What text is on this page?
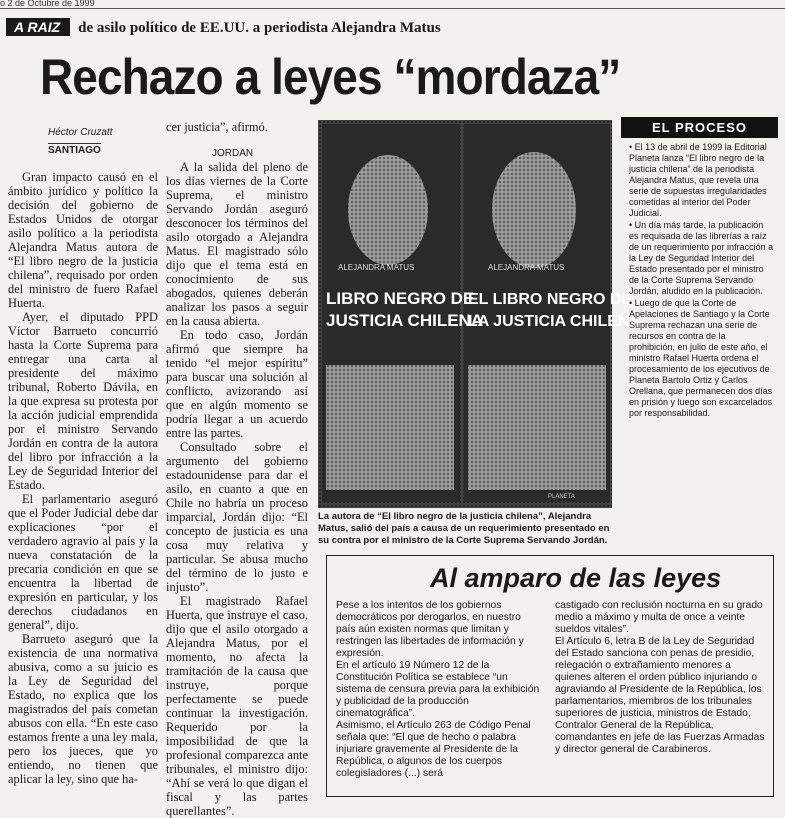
o 2 de Octubre de 1999
A RAIZ de asilo político de EE.UU. a periodista Alejandra Matus
Rechazo a leyes “mordaza”
Héctor Cruzatt
SANTIAGO

Gran impacto causó en el ámbito jurídico y político la decisión del gobierno de Estados Unidos de otorgar asilo político a la periodista Alejandra Matus autora de “El libro negro de la justicia chilena”, requisado por orden del ministro de fuero Rafael Huerta.

Ayer, el diputado PPD Víctor Barrueto concurrió hasta la Corte Suprema para entregar una carta al presidente del máximo tribunal, Roberto Dávila, en la que expresa su protesta por la acción judicial emprendida por el ministro Servando Jordán en contra de la autora del libro por infracción a la Ley de Seguridad Interior del Estado.

El parlamentario aseguró que el Poder Judicial debe dar explicaciones “por el verdadero agravio al país y la nueva constatación de la precaria condición en que se encuentra la libertad de expresión en particular, y los derechos ciudadanos en general”, dijo.

Barrueto aseguró que la existencia de una normativa abusiva, como a su juicio es la Ley de Seguridad del Estado, no explica que los magistrados del país cometan abusos con ella. “En este caso estamos frente a una ley mala, pero los jueces, que yo entiendo, no tienen que aplicar la ley, sino que ha-

cer justicia”, afirmó.

A la salida del pleno de los días viernes de la Corte Suprema, el ministro Servando Jordán aseguró desconocer los términos del asilo otorgado a Alejandra Matus. El magistrado sólo dijo que el tema está en conocimiento de sus abogados, quienes deberán analizar los pasos a seguir en la causa abierta.

En todo caso, Jordán afirmó que siempre ha tenido “el mejor espíritu” para buscar una solución al conflicto, avizorando así que en algún momento se podría llegar a un acuerdo entre las partes.

Consultado sobre el argumento del gobierno estadounidense para dar el asilo, en cuanto a que en Chile no habría un proceso imparcial, Jordán dijo: “El concepto de justicia es una cosa muy relativa y particular. Se abusa mucho del término de lo justo e injusto”.

El magistrado Rafael Huerta, que instruye el caso, dijo que el asilo otorgado a Alejandra Matus, por el momento, no afecta la tramitación de la causa que instruye, porque perfectamente se puede continuar la investigación. Requerido por la imposibilidad de que la profesional comparezca ante tribunales, el ministro dijo: “Ahí se verá lo que digan el fiscal y las partes querellantes”.

JORDAN
ALEJANDRA MATUS	ALEJANDRA MATUS
LIBRO NEGRO DE
JUSTICIA CHILENA
EL LIBRO NEGRO DE
LA JUSTICIA CHILENA
PLANETA
La autora de “El libro negro de la justicia chilena”, Alejandra Matus, salió del país a causa de un requerimiento presentado en su contra por el ministro de la Corte Suprema Servando Jordán.
EL PROCESO

• El 13 de abril de 1999 la Editorial Planeta lanza “El libro negro de la justicia chilena” de la periodista Alejandra Matus, que revela una serie de supuestas irregularidades cometidas al interior del Poder Judicial.

• Un día más tarde, la publicación es requisada de las librerías a raíz de un requerimiento por infracción a la Ley de Seguridad Interior del Estado presentado por el ministro de la Corte Suprema Servando Jordán, aludido en la publicación.

• Luego de que la Corte de Apelaciones de Santiago y la Corte Suprema rechazan una serie de recursos en contra de la prohibición, en julio de este año, el ministro Rafael Huerta ordena el procesamiento de los ejecutivos de Planeta Bartolo Ortiz y Carlos Orellana, que permanecen dos días en prisión y luego son excarcelados por responsabilidad.

Al amparo de las leyes

Pese a los intentos de los gobiernos democráticos por derogarlos, en nuestro país aún existen normas que limitan y restringen las libertades de información y expresión.

En el artículo 19 Número 12 de la Constitución Política se establece “un sistema de censura previa para la exhibición y publicidad de la producción cinematográfica”.

Asimismo, el Artículo 263 de Código Penal señala que: “El que de hecho o palabra injuriare gravemente al Presidente de la República, o algunos de los cuerpos colegisladores (...) será

castigado con reclusión nocturna en su grado medio a máximo y multa de once a veinte sueldos vitales”.

El Artículo 6, letra B de la Ley de Seguridad del Estado sanciona con penas de presidio, relegación o extrañamiento menores a quienes alteren el orden público injuriando o agraviando al Presidente de la República, los parlamentarios, miembros de los tribunales superiores de justicia, ministros de Estado, Contralor General de la República, comandantes en jefe de las Fuerzas Armadas y director general de Carabineros.
